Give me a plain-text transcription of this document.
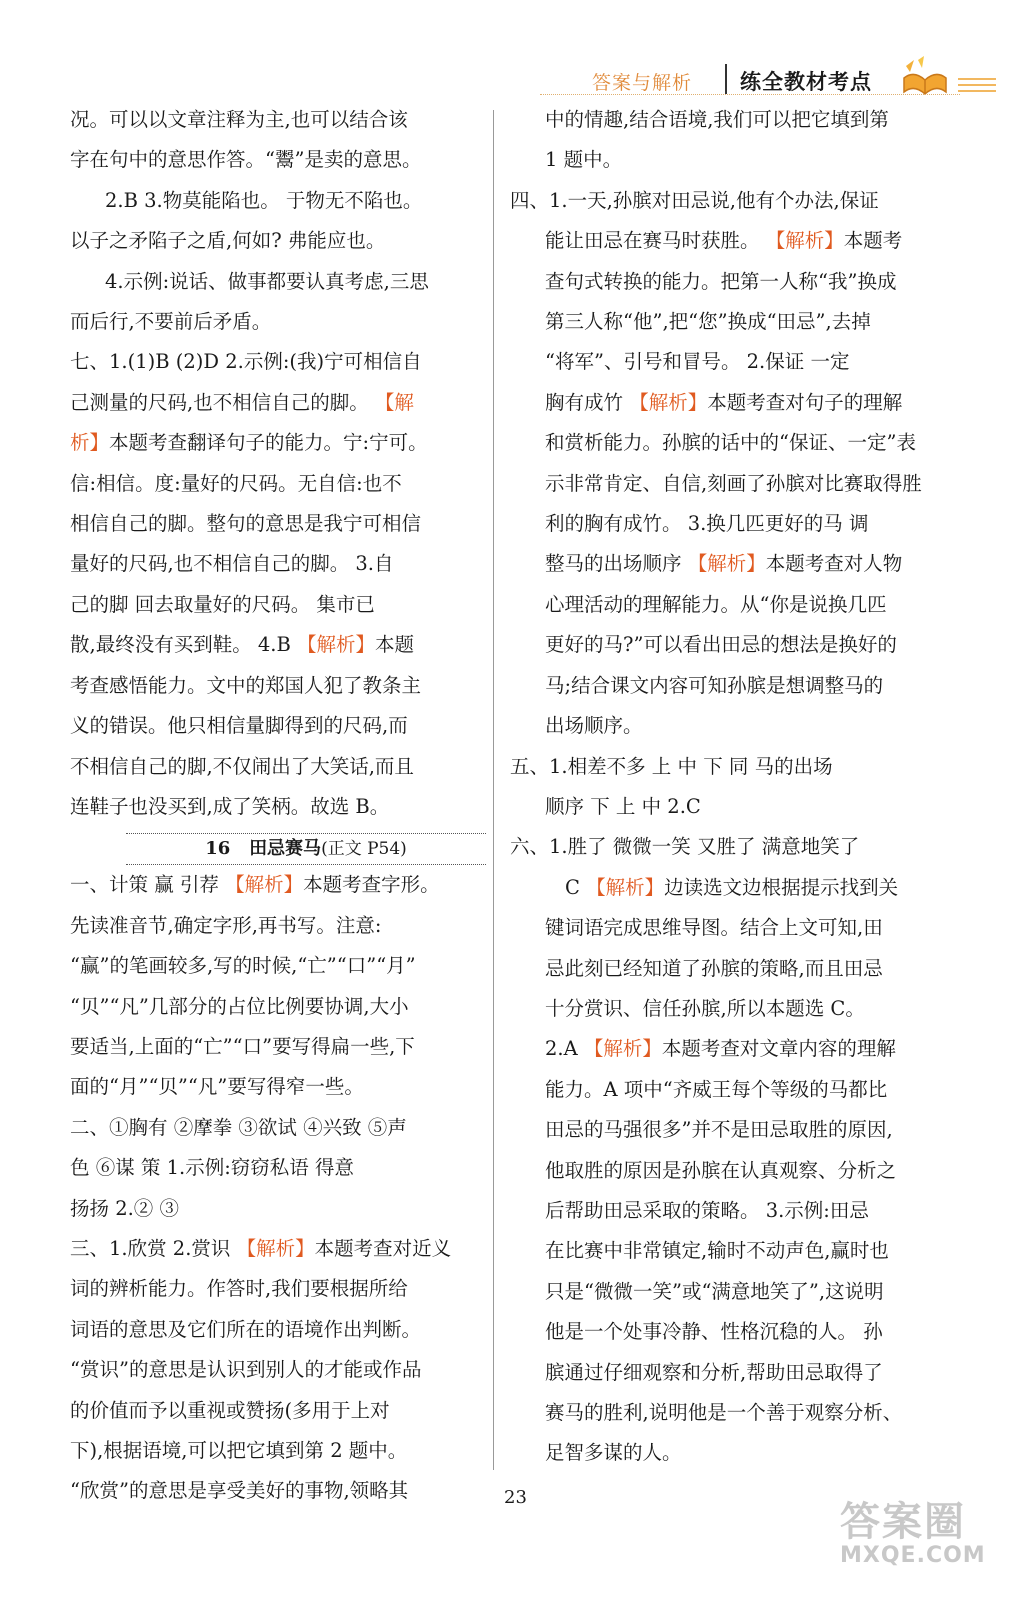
答案与解析 练全教材考点

况。可以以文章注释为主,也可以结合该

字在句中的意思作答。“鬻”是卖的意思。

2.B 3.物莫能陷也。 于物无不陷也。

以子之矛陷子之盾,何如? 弗能应也。

4.示例:说话、做事都要认真考虑,三思

而后行,不要前后矛盾。

七、1.(1)B (2)D 2.示例:(我)宁可相信自

己测量的尺码,也不相信自己的脚。 【解

析】本题考查翻译句子的能力。宁:宁可。

信:相信。度:量好的尺码。无自信:也不

相信自己的脚。整句的意思是我宁可相信

量好的尺码,也不相信自己的脚。 3.自

己的脚 回去取量好的尺码。 集市已

散,最终没有买到鞋。 4.B 【解析】本题

考查感悟能力。文中的郑国人犯了教条主

义的错误。他只相信量脚得到的尺码,而

不相信自己的脚,不仅闹出了大笑话,而且

连鞋子也没买到,成了笑柄。故选 B。

16 田忌赛马(正文 P54)

一、计策 赢 引荐 【解析】本题考查字形。

先读准音节,确定字形,再书写。注意:

“赢”的笔画较多,写的时候,“亡”“口”“月”

“贝”“凡”几部分的占位比例要协调,大小

要适当,上面的“亡”“口”要写得扁一些,下

面的“月”“贝”“凡”要写得窄一些。

二、①胸有 ②摩拳 ③欲试 ④兴致 ⑤声

色 ⑥谋 策 1.示例:窃窃私语 得意

扬扬 2.② ③

三、1.欣赏 2.赏识 【解析】本题考查对近义

词的辨析能力。作答时,我们要根据所给

词语的意思及它们所在的语境作出判断。

“赏识”的意思是认识到别人的才能或作品

的价值而予以重视或赞扬(多用于上对

下),根据语境,可以把它填到第 2 题中。

“欣赏”的意思是享受美好的事物,领略其

中的情趣,结合语境,我们可以把它填到第

1 题中。

四、1.一天,孙膑对田忌说,他有个办法,保证

能让田忌在赛马时获胜。 【解析】本题考

查句式转换的能力。把第一人称“我”换成

第三人称“他”,把“您”换成“田忌”,去掉

“将军”、引号和冒号。 2.保证 一定

胸有成竹 【解析】本题考查对句子的理解

和赏析能力。孙膑的话中的“保证、一定”表

示非常肯定、自信,刻画了孙膑对比赛取得胜

利的胸有成竹。 3.换几匹更好的马 调

整马的出场顺序 【解析】本题考查对人物

心理活动的理解能力。从“你是说换几匹

更好的马?”可以看出田忌的想法是换好的

马;结合课文内容可知孙膑是想调整马的

出场顺序。

五、1.相差不多 上 中 下 同 马的出场

顺序 下 上 中 2.C

六、1.胜了 微微一笑 又胜了 满意地笑了

C 【解析】边读选文边根据提示找到关

键词语完成思维导图。结合上文可知,田

忌此刻已经知道了孙膑的策略,而且田忌

十分赏识、信任孙膑,所以本题选 C。

2.A 【解析】本题考查对文章内容的理解

能力。A 项中“齐威王每个等级的马都比

田忌的马强很多”并不是田忌取胜的原因,

他取胜的原因是孙膑在认真观察、分析之

后帮助田忌采取的策略。 3.示例:田忌

在比赛中非常镇定,输时不动声色,赢时也

只是“微微一笑”或“满意地笑了”,这说明

他是一个处事冷静、性格沉稳的人。 孙

膑通过仔细观察和分析,帮助田忌取得了

赛马的胜利,说明他是一个善于观察分析、

足智多谋的人。

23
答案圈
MXQE.COM
